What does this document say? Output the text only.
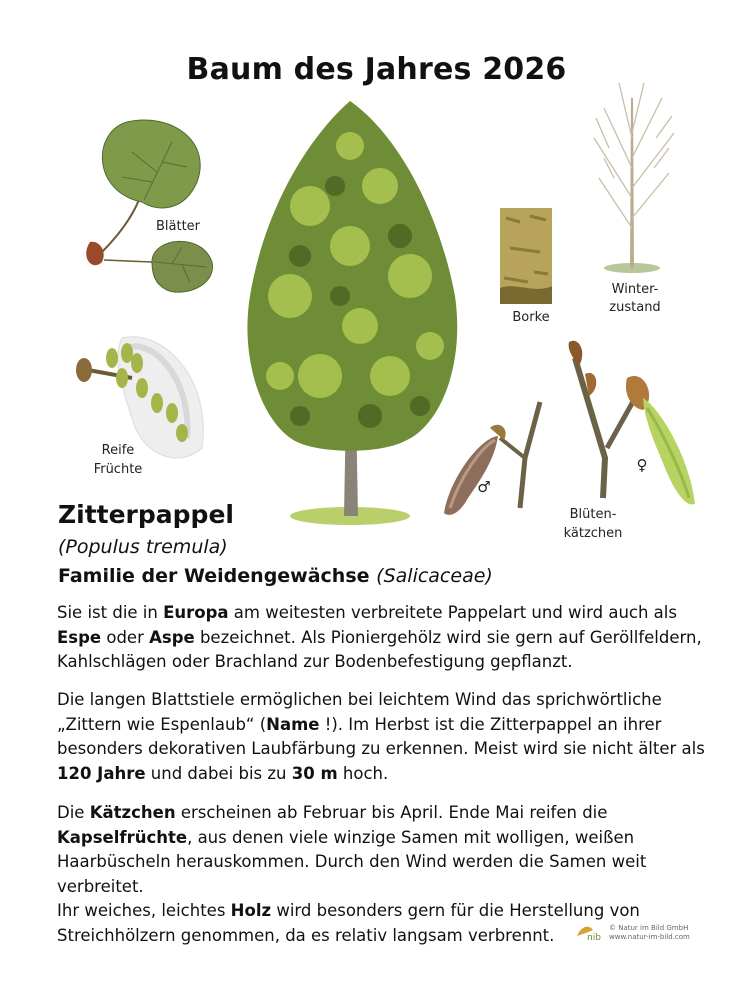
Baum des Jahres 2026
Blätter
Reife
Früchte
Borke
Winter-
zustand
♂
♀
Blüten-
kätzchen
Zitterpappel
(Populus tremula)
Familie der Weidengewächse (Salicaceae)

Sie ist die in Europa am weitesten verbreitete Pappelart und wird auch als Espe oder Aspe bezeichnet. Als Pioniergehölz wird sie gern auf Geröllfeldern, Kahlschlägen oder Brachland zur Bodenbefestigung gepflanzt.

Die langen Blattstiele ermöglichen bei leichtem Wind das sprichwörtliche „Zittern wie Espenlaub“ (Name !). Im Herbst ist die Zitterpappel an ihrer besonders dekorativen Laubfärbung zu erkennen. Meist wird sie nicht älter als 120 Jahre und dabei bis zu 30 m hoch.

Die Kätzchen erscheinen ab Februar bis April. Ende Mai reifen die Kapselfrüchte, aus denen viele winzige Samen mit wolligen, weißen Haarbüscheln herauskommen. Durch den Wind werden die Samen weit verbreitet.
Ihr weiches, leichtes Holz wird besonders gern für die Herstellung von Streichhölzern genommen, da es relativ langsam verbrennt.	nib
© Natur im Bild GmbH
www.natur-im-bild.com
